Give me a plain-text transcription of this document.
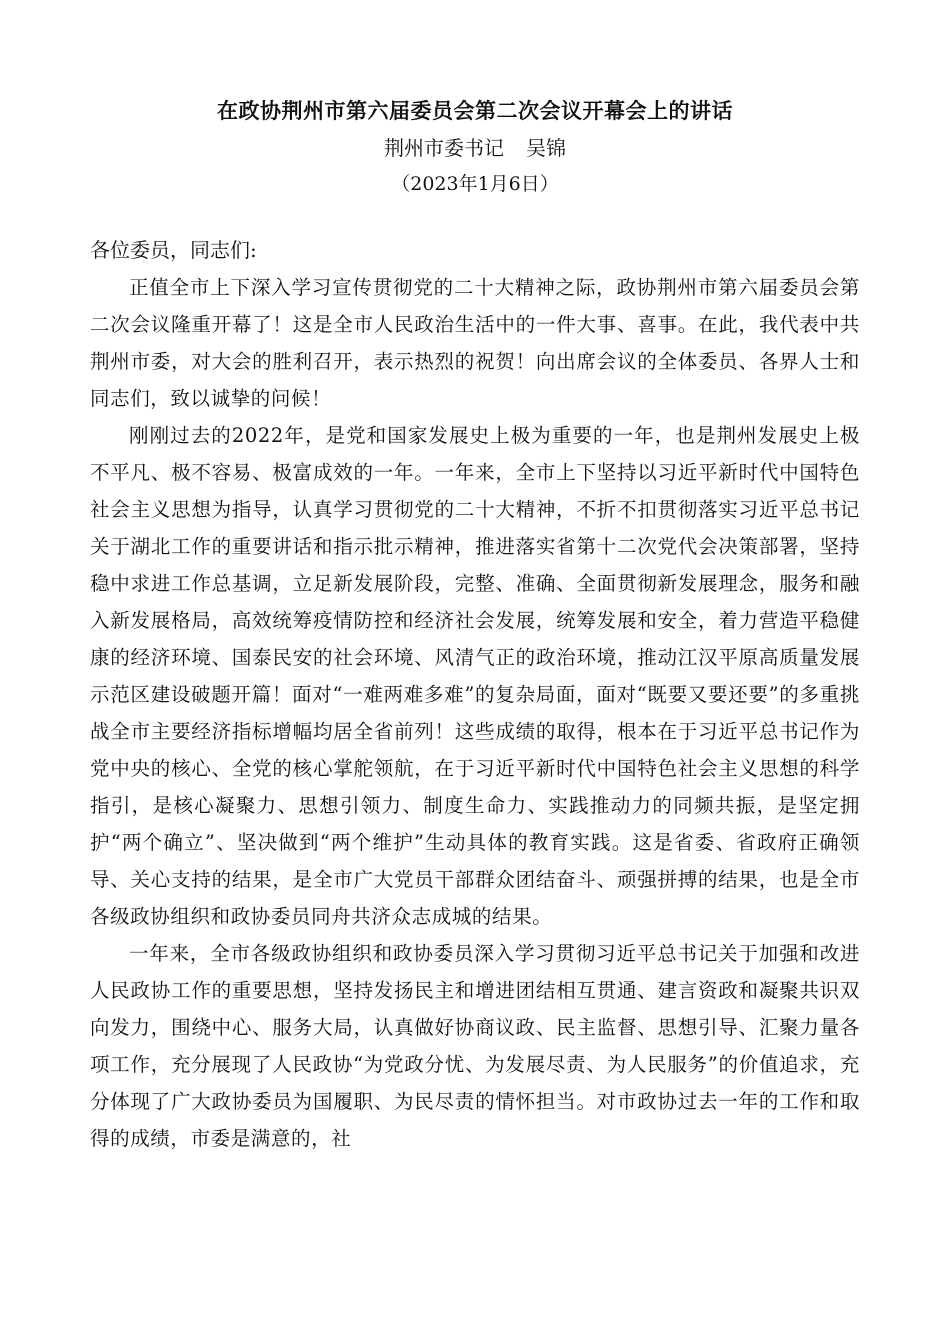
在政协荆州市第六届委员会第二次会议开幕会上的讲话

荆州市委书记 吴锦

（2023年1月6日）

各位委员，同志们:

正值全市上下深入学习宣传贯彻党的二十大精神之际，政协荆州市第六届委员会第二次会议隆重开幕了！这是全市人民政治生活中的一件大事、喜事。在此，我代表中共荆州市委，对大会的胜利召开，表示热烈的祝贺！向出席会议的全体委员、各界人士和同志们，致以诚挚的问候！

刚刚过去的2022年，是党和国家发展史上极为重要的一年，也是荆州发展史上极不平凡、极不容易、极富成效的一年。一年来，全市上下坚持以习近平新时代中国特色社会主义思想为指导，认真学习贯彻党的二十大精神，不折不扣贯彻落实习近平总书记关于湖北工作的重要讲话和指示批示精神，推进落实省第十二次党代会决策部署，坚持稳中求进工作总基调，立足新发展阶段，完整、准确、全面贯彻新发展理念，服务和融入新发展格局，高效统筹疫情防控和经济社会发展，统筹发展和安全，着力营造平稳健康的经济环境、国泰民安的社会环境、风清气正的政治环境，推动江汉平原高质量发展示范区建设破题开篇！面对“一难两难多难”的复杂局面，面对“既要又要还要”的多重挑战全市主要经济指标增幅均居全省前列！这些成绩的取得，根本在于习近平总书记作为党中央的核心、全党的核心掌舵领航，在于习近平新时代中国特色社会主义思想的科学指引，是核心凝聚力、思想引领力、制度生命力、实践推动力的同频共振，是坚定拥护“两个确立”、坚决做到“两个维护”生动具体的教育实践。这是省委、省政府正确领导、关心支持的结果，是全市广大党员干部群众团结奋斗、顽强拼搏的结果，也是全市各级政协组织和政协委员同舟共济众志成城的结果。

一年来，全市各级政协组织和政协委员深入学习贯彻习近平总书记关于加强和改进人民政协工作的重要思想，坚持发扬民主和增进团结相互贯通、建言资政和凝聚共识双向发力，围绕中心、服务大局，认真做好协商议政、民主监督、思想引导、汇聚力量各项工作，充分展现了人民政协“为党政分忧、为发展尽责、为人民服务”的价值追求，充分体现了广大政协委员为国履职、为民尽责的情怀担当。对市政协过去一年的工作和取得的成绩，市委是满意的，社
